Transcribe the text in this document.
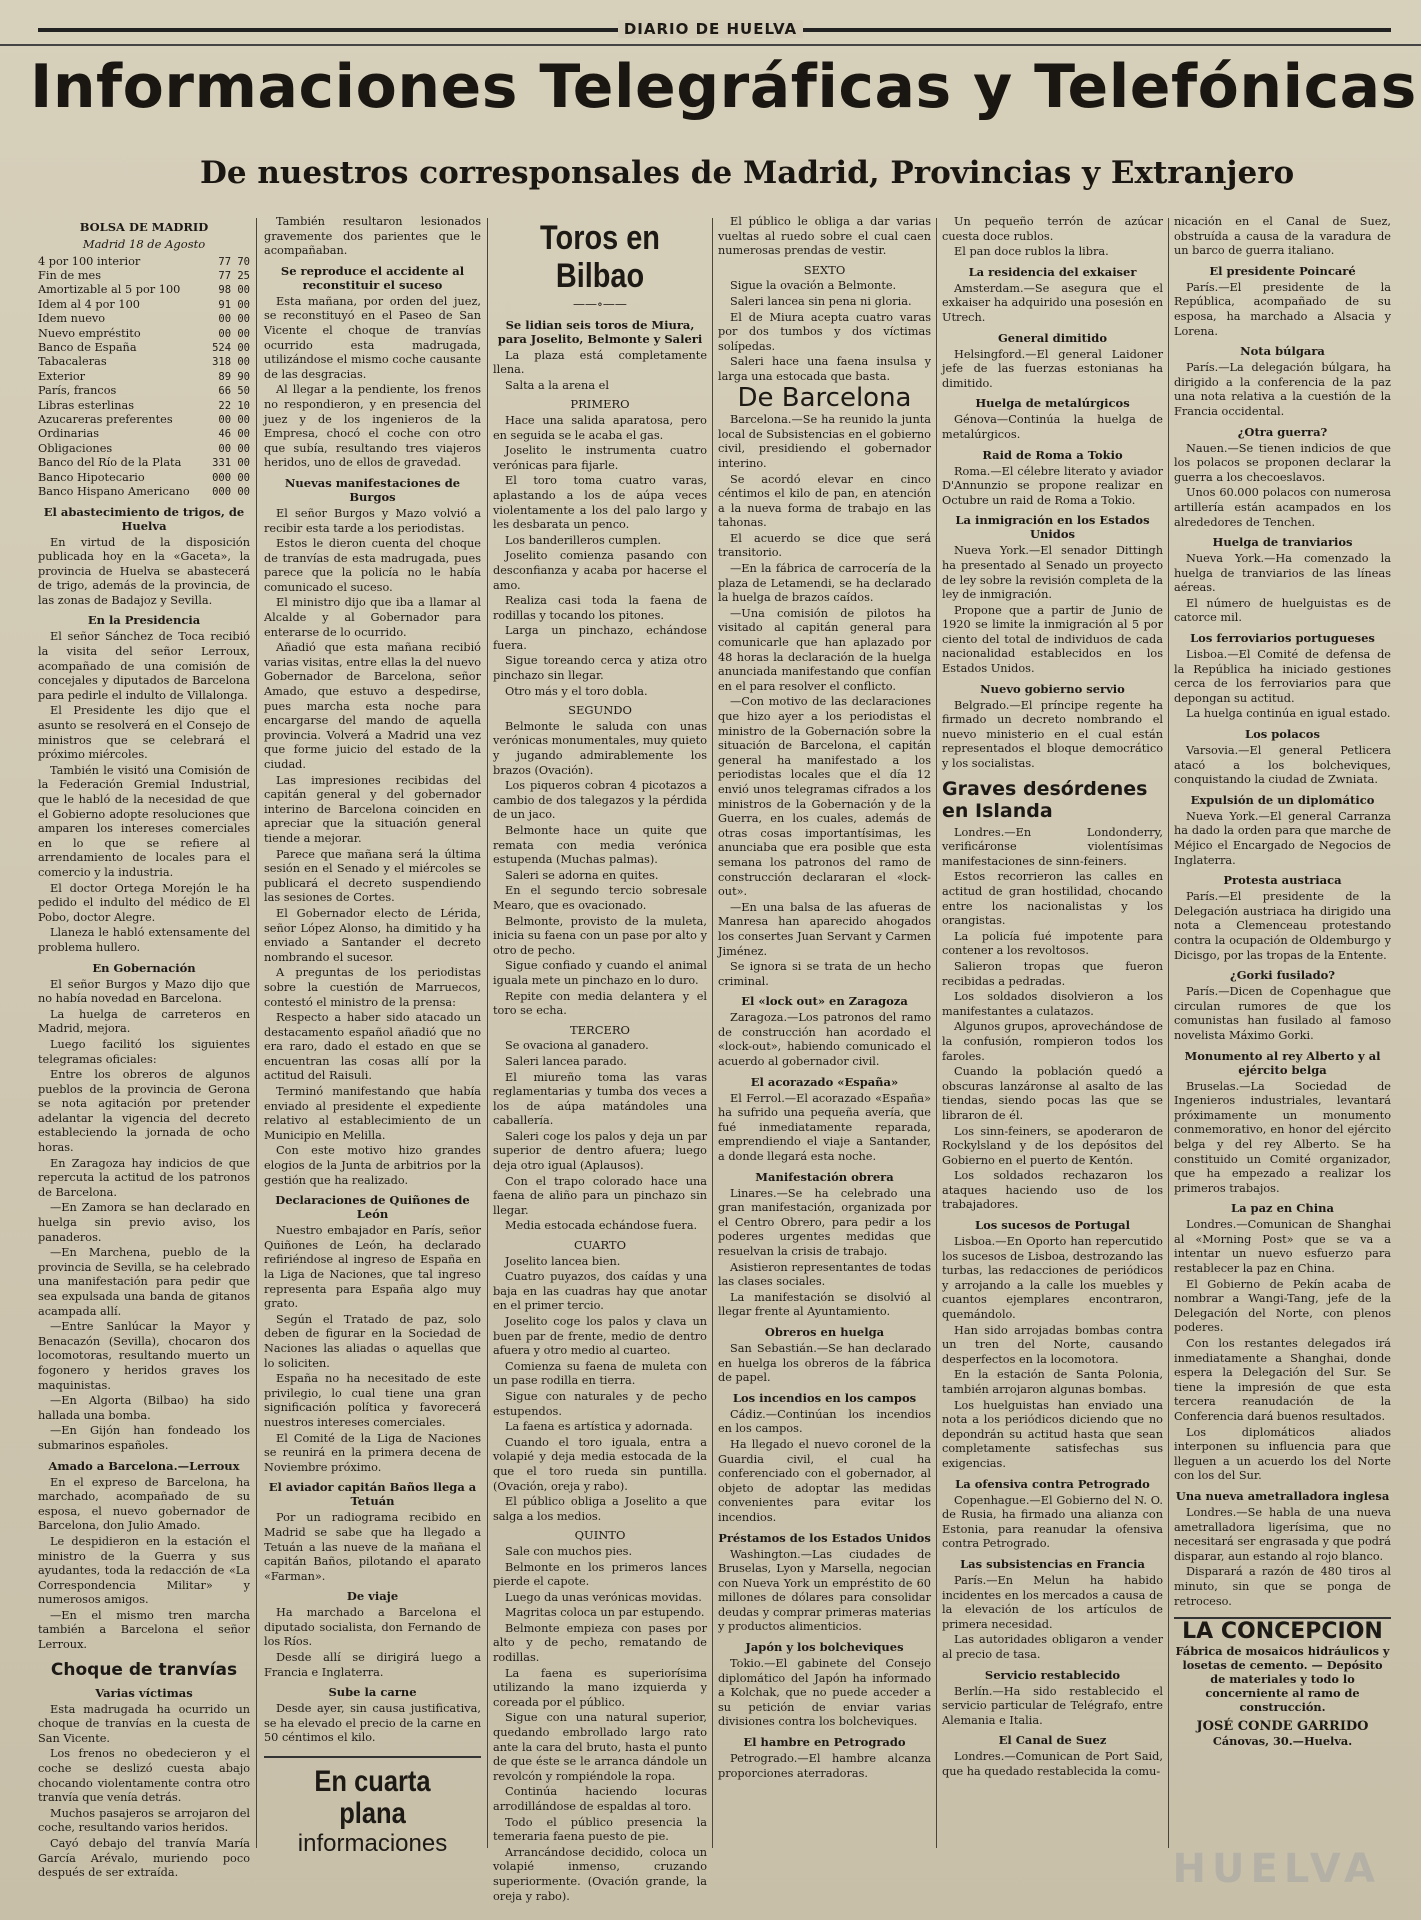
DIARIO DE HUELVA
Informaciones Telegráficas y Telefónicas
De nuestros corresponsales de Madrid, Provincias y Extranjero
BOLSA DE MADRID
Madrid 18 de Agosto
4 por 100 interior	77 70
Fin de mes	77 25
Amortizable al 5 por 100	98 00
Idem al 4 por 100	91 00
Idem nuevo	00 00
Nuevo empréstito	00 00
Banco de España	524 00
Tabacaleras	318 00
Exterior	89 90
París, francos	66 50
Libras esterlinas	22 10
Azucareras preferentes	00 00
Ordinarias	46 00
Obligaciones	00 00
Banco del Río de la Plata	331 00
Banco Hipotecario	000 00
Banco Hispano Americano 000 00
El abastecimiento de trigos, de Huelva

En virtud de la disposición publicada hoy en la «Gaceta», la provincia de Huelva se abastecerá de trigo, además de la provincia, de las zonas de Badajoz y Sevilla.

En la Presidencia

El señor Sánchez de Toca recibió la visita del señor Lerroux, acompañado de una comisión de concejales y diputados de Barcelona para pedirle el indulto de Villalonga.

El Presidente les dijo que el asunto se resolverá en el Consejo de ministros que se celebrará el próximo miércoles.

También le visitó una Comisión de la Federación Gremial Industrial, que le habló de la necesidad de que el Gobierno adopte resoluciones que amparen los intereses comerciales en lo que se refiere al arrendamiento de locales para el comercio y la industria.

El doctor Ortega Morejón le ha pedido el indulto del médico de El Pobo, doctor Alegre.

Llaneza le habló extensamente del problema hullero.

En Gobernación

El señor Burgos y Mazo dijo que no había novedad en Barcelona.

La huelga de carreteros en Madrid, mejora.

Luego facilitó los siguientes telegramas oficiales:

Entre los obreros de algunos pueblos de la provincia de Gerona se nota agitación por pretender adelantar la vigencia del decreto estableciendo la jornada de ocho horas.

En Zaragoza hay indicios de que repercuta la actitud de los patronos de Barcelona.

—En Zamora se han declarado en huelga sin previo aviso, los panaderos.

—En Marchena, pueblo de la provincia de Sevilla, se ha celebrado una manifestación para pedir que sea expulsada una banda de gitanos acampada allí.

—Entre Sanlúcar la Mayor y Benacazón (Sevilla), chocaron dos locomotoras, resultando muerto un fogonero y heridos graves los maquinistas.

—En Algorta (Bilbao) ha sido hallada una bomba.

—En Gijón han fondeado los submarinos españoles.

Amado a Barcelona.—Lerroux

En el expreso de Barcelona, ha marchado, acompañado de su esposa, el nuevo gobernador de Barcelona, don Julio Amado.

Le despidieron en la estación el ministro de la Guerra y sus ayudantes, toda la redacción de «La Correspondencia Militar» y numerosos amigos.

—En el mismo tren marcha también a Barcelona el señor Lerroux.

Choque de tranvías
Varias víctimas

Esta madrugada ha ocurrido un choque de tranvías en la cuesta de San Vicente.

Los frenos no obedecieron y el coche se deslizó cuesta abajo chocando violentamente contra otro tranvía que venía detrás.

Muchos pasajeros se arrojaron del coche, resultando varios heridos.

Cayó debajo del tranvía María García Arévalo, muriendo poco después de ser extraída.

También resultaron lesionados gravemente dos parientes que le acompañaban.

Se reproduce el accidente al reconstituir el suceso

Esta mañana, por orden del juez, se reconstituyó en el Paseo de San Vicente el choque de tranvías ocurrido esta madrugada, utilizándose el mismo coche causante de las desgracias.

Al llegar a la pendiente, los frenos no respondieron, y en presencia del juez y de los ingenieros de la Empresa, chocó el coche con otro que subía, resultando tres viajeros heridos, uno de ellos de gravedad.

Nuevas manifestaciones de Burgos

El señor Burgos y Mazo volvió a recibir esta tarde a los periodistas.

Estos le dieron cuenta del choque de tranvías de esta madrugada, pues parece que la policía no le había comunicado el suceso.

El ministro dijo que iba a llamar al Alcalde y al Gobernador para enterarse de lo ocurrido.

Añadió que esta mañana recibió varias visitas, entre ellas la del nuevo Gobernador de Barcelona, señor Amado, que estuvo a despedirse, pues marcha esta noche para encargarse del mando de aquella provincia. Volverá a Madrid una vez que forme juicio del estado de la ciudad.

Las impresiones recibidas del capitán general y del gobernador interino de Barcelona coinciden en apreciar que la situación general tiende a mejorar.

Parece que mañana será la última sesión en el Senado y el miércoles se publicará el decreto suspendiendo las sesiones de Cortes.

El Gobernador electo de Lérida, señor López Alonso, ha dimitido y ha enviado a Santander el decreto nombrando el sucesor.

A preguntas de los periodistas sobre la cuestión de Marruecos, contestó el ministro de la prensa:

Respecto a haber sido atacado un destacamento español añadió que no era raro, dado el estado en que se encuentran las cosas allí por la actitud del Raisuli.

Terminó manifestando que había enviado al presidente el expediente relativo al establecimiento de un Municipio en Melilla.

Con este motivo hizo grandes elogios de la Junta de arbitrios por la gestión que ha realizado.

Declaraciones de Quiñones de León

Nuestro embajador en París, señor Quiñones de León, ha declarado refiriéndose al ingreso de España en la Liga de Naciones, que tal ingreso representa para España algo muy grato.

Según el Tratado de paz, solo deben de figurar en la Sociedad de Naciones las aliadas o aquellas que lo soliciten.

España no ha necesitado de este privilegio, lo cual tiene una gran significación política y favorecerá nuestros intereses comerciales.

El Comité de la Liga de Naciones se reunirá en la primera decena de Noviembre próximo.

El aviador capitán Baños llega a Tetuán

Por un radiograma recibido en Madrid se sabe que ha llegado a Tetuán a las nueve de la mañana el capitán Baños, pilotando el aparato «Farman».

De viaje

Ha marchado a Barcelona el diputado socialista, don Fernando de los Ríos.

Desde allí se dirigirá luego a Francia e Inglaterra.

Sube la carne

Desde ayer, sin causa justificativa, se ha elevado el precio de la carne en 50 céntimos el kilo.

En cuarta plana
informaciones
Toros en Bilbao
——∘——
Se lidian seis toros de Miura, para Joselito, Belmonte y Saleri

La plaza está completamente llena.

Salta a la arena el

PRIMERO

Hace una salida aparatosa, pero en seguida se le acaba el gas.

Joselito le instrumenta cuatro verónicas para fijarle.

El toro toma cuatro varas, aplastando a los de aúpa veces violentamente a los del palo largo y les desbarata un penco.

Los banderilleros cumplen.

Joselito comienza pasando con desconfianza y acaba por hacerse el amo.

Realiza casi toda la faena de rodillas y tocando los pitones.

Larga un pinchazo, echándose fuera.

Sigue toreando cerca y atiza otro pinchazo sin llegar.

Otro más y el toro dobla.

SEGUNDO

Belmonte le saluda con unas verónicas monumentales, muy quieto y jugando admirablemente los brazos (Ovación).

Los piqueros cobran 4 picotazos a cambio de dos talegazos y la pérdida de un jaco.

Belmonte hace un quite que remata con media verónica estupenda (Muchas palmas).

Saleri se adorna en quites.

En el segundo tercio sobresale Mearo, que es ovacionado.

Belmonte, provisto de la muleta, inicia su faena con un pase por alto y otro de pecho.

Sigue confiado y cuando el animal iguala mete un pinchazo en lo duro.

Repite con media delantera y el toro se echa.

TERCERO

Se ovaciona al ganadero.

Saleri lancea parado.

El miureño toma las varas reglamentarias y tumba dos veces a los de aúpa matándoles una caballería.

Saleri coge los palos y deja un par superior de dentro afuera; luego deja otro igual (Aplausos).

Con el trapo colorado hace una faena de aliño para un pinchazo sin llegar.

Media estocada echándose fuera.

CUARTO

Joselito lancea bien.

Cuatro puyazos, dos caídas y una baja en las cuadras hay que anotar en el primer tercio.

Joselito coge los palos y clava un buen par de frente, medio de dentro afuera y otro medio al cuarteo.

Comienza su faena de muleta con un pase rodilla en tierra.

Sigue con naturales y de pecho estupendos.

La faena es artística y adornada.

Cuando el toro iguala, entra a volapié y deja media estocada de la que el toro rueda sin puntilla. (Ovación, oreja y rabo).

El público obliga a Joselito a que salga a los medios.

QUINTO

Sale con muchos pies.

Belmonte en los primeros lances pierde el capote.

Luego da unas verónicas movidas.

Magritas coloca un par estupendo.

Belmonte empieza con pases por alto y de pecho, rematando de rodillas.

La faena es superiorísima utilizando la mano izquierda y coreada por el público.

Sigue con una natural superior, quedando embrollado largo rato ante la cara del bruto, hasta el punto de que éste se le arranca dándole un revolcón y rompiéndole la ropa.

Continúa haciendo locuras arrodillándose de espaldas al toro.

Todo el público presencia la temeraria faena puesto de pie.

Arrancándose decidido, coloca un volapié inmenso, cruzando superiormente. (Ovación grande, la oreja y rabo).

El público le obliga a dar varias vueltas al ruedo sobre el cual caen numerosas prendas de vestir.

SEXTO

Sigue la ovación a Belmonte.

Saleri lancea sin pena ni gloria.

El de Miura acepta cuatro varas por dos tumbos y dos víctimas solípedas.

Saleri hace una faena insulsa y larga una estocada que basta.

De Barcelona

Barcelona.—Se ha reunido la junta local de Subsistencias en el gobierno civil, presidiendo el gobernador interino.

Se acordó elevar en cinco céntimos el kilo de pan, en atención a la nueva forma de trabajo en las tahonas.

El acuerdo se dice que será transitorio.

—En la fábrica de carrocería de la plaza de Letamendi, se ha declarado la huelga de brazos caídos.

—Una comisión de pilotos ha visitado al capitán general para comunicarle que han aplazado por 48 horas la declaración de la huelga anunciada manifestando que confían en el para resolver el conflicto.

—Con motivo de las declaraciones que hizo ayer a los periodistas el ministro de la Gobernación sobre la situación de Barcelona, el capitán general ha manifestado a los periodistas locales que el día 12 envió unos telegramas cifrados a los ministros de la Gobernación y de la Guerra, en los cuales, además de otras cosas importantísimas, les anunciaba que era posible que esta semana los patronos del ramo de construcción declararan el «lock-out».

—En una balsa de las afueras de Manresa han aparecido ahogados los consertes Juan Servant y Carmen Jiménez.

Se ignora si se trata de un hecho criminal.

El «lock out» en Zaragoza

Zaragoza.—Los patronos del ramo de construcción han acordado el «lock-out», habiendo comunicado el acuerdo al gobernador civil.

El acorazado «España»

El Ferrol.—El acorazado «España» ha sufrido una pequeña avería, que fué inmediatamente reparada, emprendiendo el viaje a Santander, a donde llegará esta noche.

Manifestación obrera

Linares.—Se ha celebrado una gran manifestación, organizada por el Centro Obrero, para pedir a los poderes urgentes medidas que resuelvan la crisis de trabajo.

Asistieron representantes de todas las clases sociales.

La manifestación se disolvió al llegar frente al Ayuntamiento.

Obreros en huelga

San Sebastián.—Se han declarado en huelga los obreros de la fábrica de papel.

Los incendios en los campos

Cádiz.—Continúan los incendios en los campos.

Ha llegado el nuevo coronel de la Guardia civil, el cual ha conferenciado con el gobernador, al objeto de adoptar las medidas convenientes para evitar los incendios.

Préstamos de los Estados Unidos

Washington.—Las ciudades de Bruselas, Lyon y Marsella, negocian con Nueva York un empréstito de 60 millones de dólares para consolidar deudas y comprar primeras materias y productos alimenticios.

Japón y los bolcheviques

Tokio.—El gabinete del Consejo diplomático del Japón ha informado a Kolchak, que no puede acceder a su petición de enviar varias divisiones contra los bolcheviques.

El hambre en Petrogrado

Petrogrado.—El hambre alcanza proporciones aterradoras.

Un pequeño terrón de azúcar cuesta doce rublos.

El pan doce rublos la libra.

La residencia del exkaiser

Amsterdam.—Se asegura que el exkaiser ha adquirido una posesión en Utrech.

General dimitido

Helsingford.—El general Laidoner jefe de las fuerzas estonianas ha dimitido.

Huelga de metalúrgicos

Génova—Continúa la huelga de metalúrgicos.

Raid de Roma a Tokio

Roma.—El célebre literato y aviador D'Annunzio se propone realizar en Octubre un raid de Roma a Tokio.

La inmigración en los Estados Unidos

Nueva York.—El senador Dittingh ha presentado al Senado un proyecto de ley sobre la revisión completa de la ley de inmigración.

Propone que a partir de Junio de 1920 se limite la inmigración al 5 por ciento del total de individuos de cada nacionalidad establecidos en los Estados Unidos.

Nuevo gobierno servio

Belgrado.—El príncipe regente ha firmado un decreto nombrando el nuevo ministerio en el cual están representados el bloque democrático y los socialistas.

Graves desórdenes en Islanda

Londres.—En Londonderry, verificáronse violentísimas manifestaciones de sinn-feiners.

Estos recorrieron las calles en actitud de gran hostilidad, chocando entre los nacionalistas y los orangistas.

La policía fué impotente para contener a los revoltosos.

Salieron tropas que fueron recibidas a pedradas.

Los soldados disolvieron a los manifestantes a culatazos.

Algunos grupos, aprovechándose de la confusión, rompieron todos los faroles.

Cuando la población quedó a obscuras lanzáronse al asalto de las tiendas, siendo pocas las que se libraron de él.

Los sinn-feiners, se apoderaron de Rockylsland y de los depósitos del Gobierno en el puerto de Kentón.

Los soldados rechazaron los ataques haciendo uso de los trabajadores.

Los sucesos de Portugal

Lisboa.—En Oporto han repercutido los sucesos de Lisboa, destrozando las turbas, las redacciones de periódicos y arrojando a la calle los muebles y cuantos ejemplares encontraron, quemándolo.

Han sido arrojadas bombas contra un tren del Norte, causando desperfectos en la locomotora.

En la estación de Santa Polonia, también arrojaron algunas bombas.

Los huelguistas han enviado una nota a los periódicos diciendo que no depondrán su actitud hasta que sean completamente satisfechas sus exigencias.

La ofensiva contra Petrogrado

Copenhague.—El Gobierno del N. O. de Rusia, ha firmado una alianza con Estonia, para reanudar la ofensiva contra Petrogrado.

Las subsistencias en Francia

París.—En Melun ha habido incidentes en los mercados a causa de la elevación de los artículos de primera necesidad.

Las autoridades obligaron a vender al precio de tasa.

Servicio restablecido

Berlín.—Ha sido restablecido el servicio particular de Telégrafo, entre Alemania e Italia.

El Canal de Suez

Londres.—Comunican de Port Said, que ha quedado restablecida la comu-

nicación en el Canal de Suez, obstruída a causa de la varadura de un barco de guerra italiano.

El presidente Poincaré

París.—El presidente de la República, acompañado de su esposa, ha marchado a Alsacia y Lorena.

Nota búlgara

París.—La delegación búlgara, ha dirigido a la conferencia de la paz una nota relativa a la cuestión de la Francia occidental.

¿Otra guerra?

Nauen.—Se tienen indicios de que los polacos se proponen declarar la guerra a los checoeslavos.

Unos 60.000 polacos con numerosa artillería están acampados en los alrededores de Tenchen.

Huelga de tranviarios

Nueva York.—Ha comenzado la huelga de tranviarios de las líneas aéreas.

El número de huelguistas es de catorce mil.

Los ferroviarios portugueses

Lisboa.—El Comité de defensa de la República ha iniciado gestiones cerca de los ferroviarios para que depongan su actitud.

La huelga continúa en igual estado.

Los polacos

Varsovia.—El general Petlicera atacó a los bolcheviques, conquistando la ciudad de Zwniata.

Expulsión de un diplomático

Nueva York.—El general Carranza ha dado la orden para que marche de Méjico el Encargado de Negocios de Inglaterra.

Protesta austriaca

París.—El presidente de la Delegación austriaca ha dirigido una nota a Clemenceau protestando contra la ocupación de Oldemburgo y Dicisgo, por las tropas de la Entente.

¿Gorki fusilado?

París.—Dicen de Copenhague que circulan rumores de que los comunistas han fusilado al famoso novelista Máximo Gorki.

Monumento al rey Alberto y al ejército belga

Bruselas.—La Sociedad de Ingenieros industriales, levantará próximamente un monumento conmemorativo, en honor del ejército belga y del rey Alberto. Se ha constituido un Comité organizador, que ha empezado a realizar los primeros trabajos.

La paz en China

Londres.—Comunican de Shanghai al «Morning Post» que se va a intentar un nuevo esfuerzo para restablecer la paz en China.

El Gobierno de Pekín acaba de nombrar a Wangi-Tang, jefe de la Delegación del Norte, con plenos poderes.

Con los restantes delegados irá inmediatamente a Shanghai, donde espera la Delegación del Sur. Se tiene la impresión de que esta tercera reanudación de la Conferencia dará buenos resultados.

Los diplomáticos aliados interponen su influencia para que lleguen a un acuerdo los del Norte con los del Sur.

Una nueva ametralladora inglesa

Londres.—Se habla de una nueva ametralladora ligerísima, que no necesitará ser engrasada y que podrá disparar, aun estando al rojo blanco.

Disparará a razón de 480 tiros al minuto, sin que se ponga de retroceso.

LA CONCEPCION
Fábrica de mosaicos hidráulicos y losetas de cemento. — Depósito de materiales y todo lo concerniente al ramo de construcción.
JOSÉ CONDE GARRIDO
Cánovas, 30.—Huelva.
HUELVA
